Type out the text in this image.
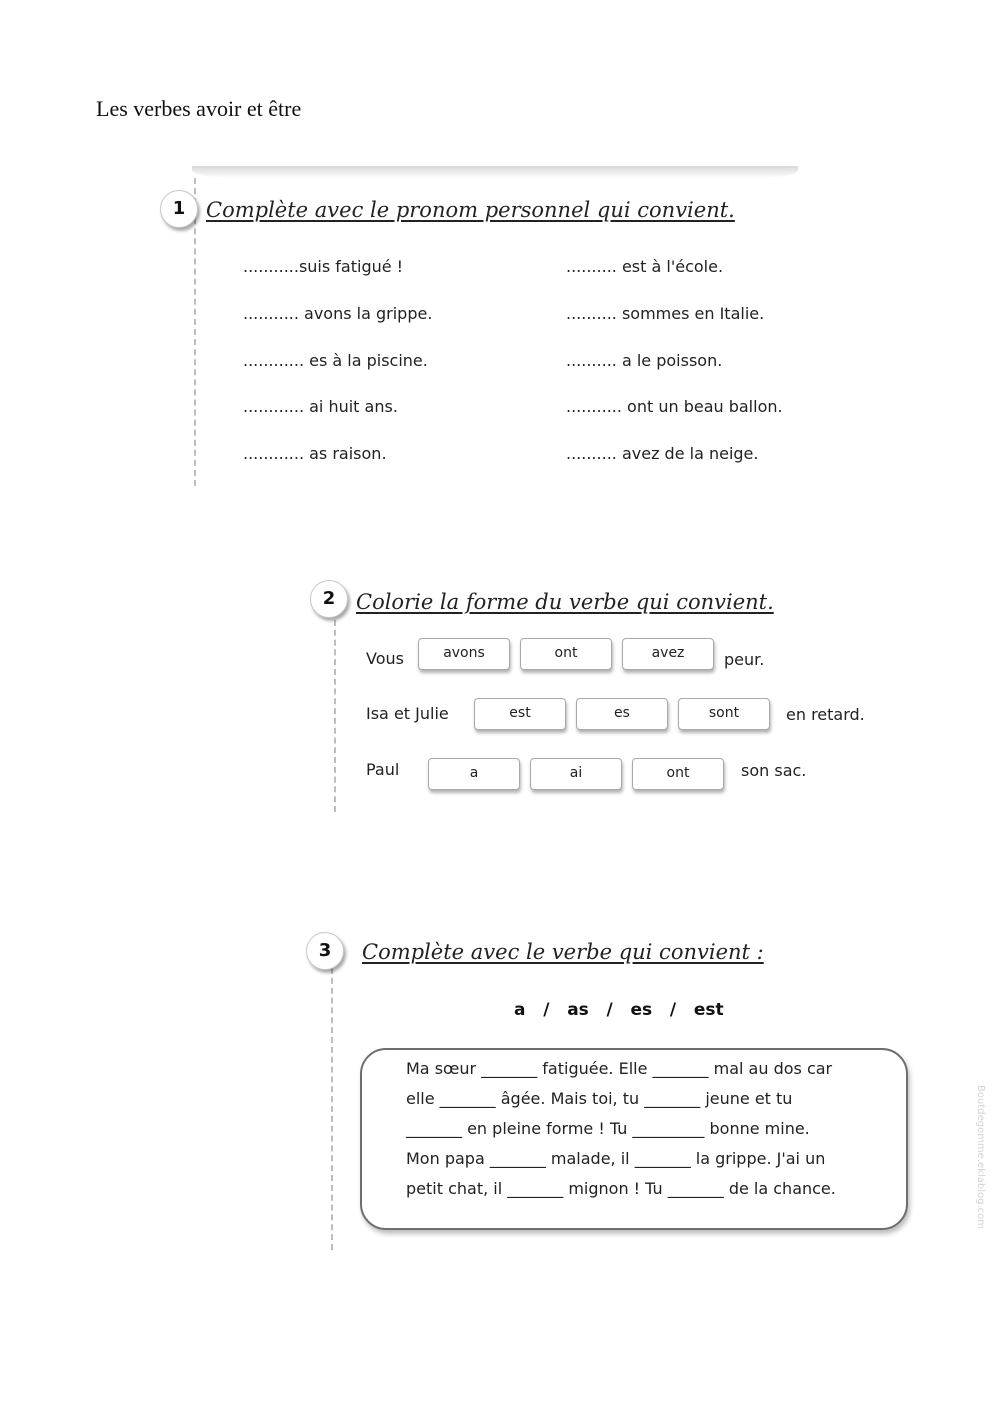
Les verbes avoir et être
1 Complète avec le pronom personnel qui convient.
...........suis fatigué !
........... avons la grippe.
............ es à la piscine.
............ ai huit ans.
............ as raison.
.......... est à l'école.
.......... sommes en Italie.
.......... a le poisson.
........... ont un beau ballon.
.......... avez de la neige.
2 Colorie la forme du verbe qui convient.
Vous	avons	ont	avez	peur.
Isa et Julie	est	es	sont	en retard.
Paul	a	ai	ont	son sac.
3	Complète avec le verbe qui convient :
a   /   as   /   es   /   est
Ma sœur _______ fatiguée. Elle _______ mal au dos car
elle _______ âgée. Mais toi, tu _______ jeune et tu
_______ en pleine forme ! Tu _________ bonne mine.
Mon papa _______ malade, il _______ la grippe. J'ai un
petit chat, il _______ mignon ! Tu _______ de la chance.	Boutdegomme.eklablog.com
